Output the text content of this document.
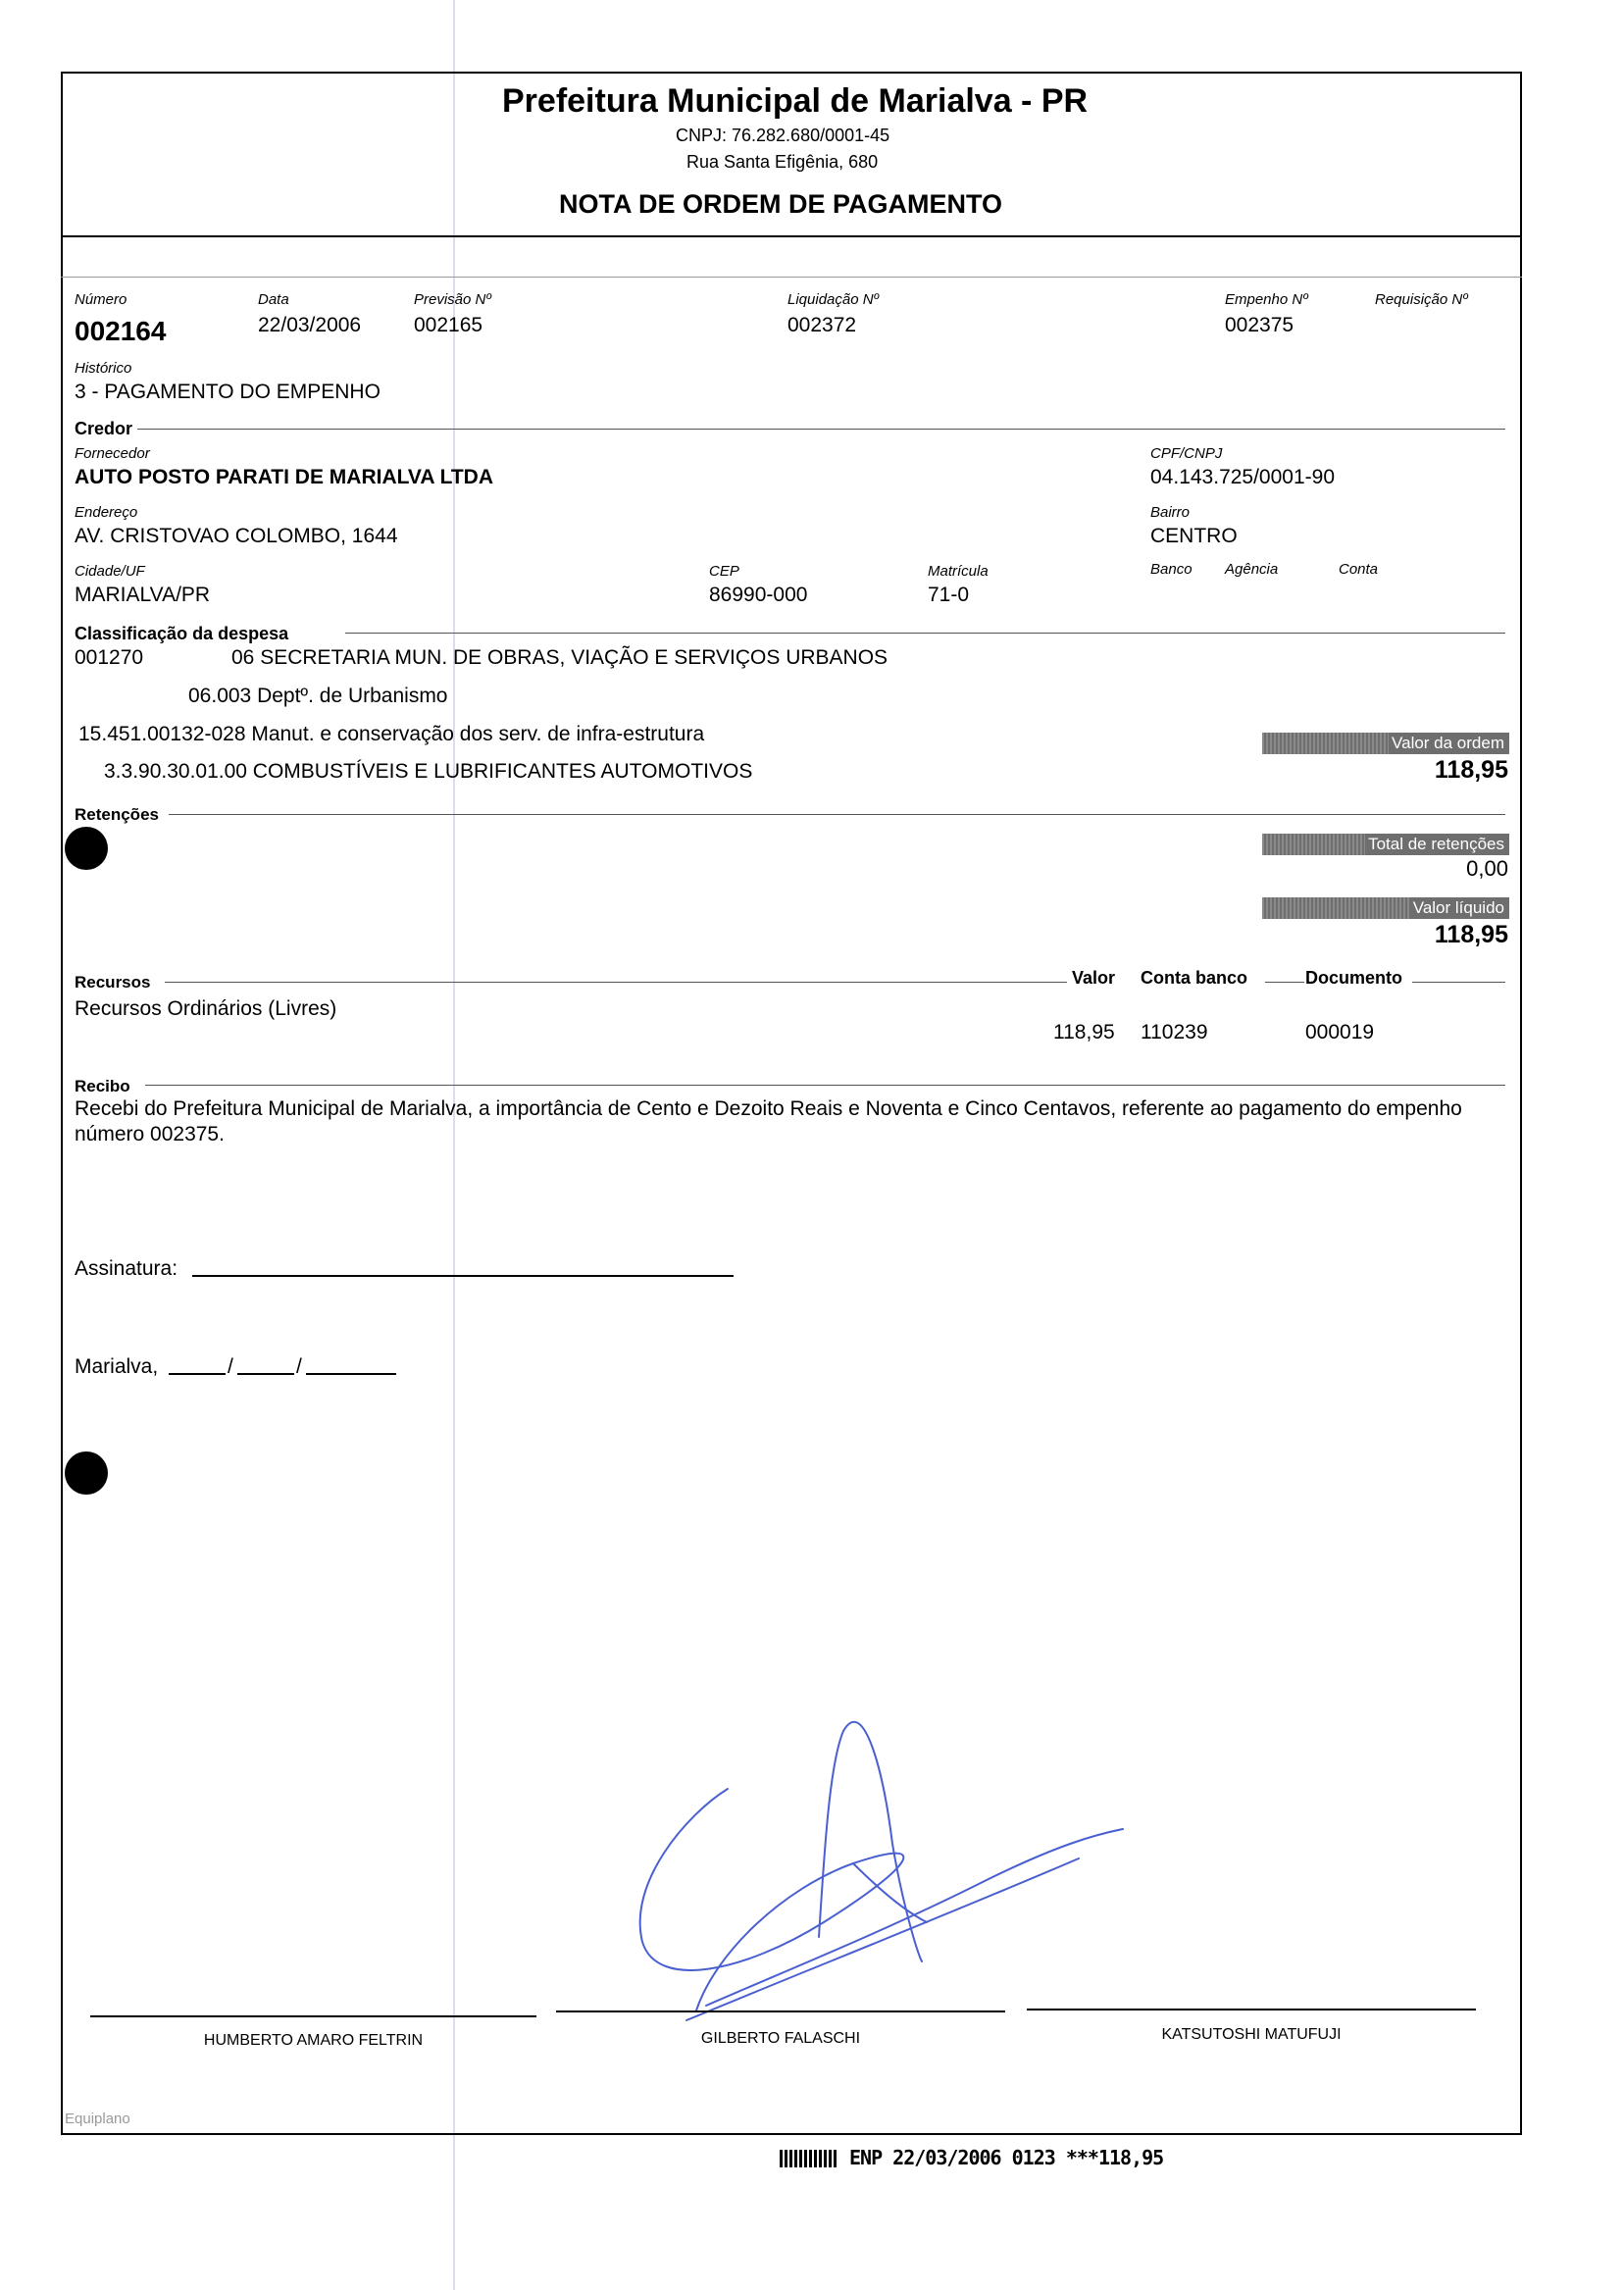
Prefeitura Municipal de Marialva - PR
CNPJ: 76.282.680/0001-45
Rua Santa Efigênia, 680
NOTA DE ORDEM DE PAGAMENTO
Número
002164
Data
22/03/2006
Previsão Nº
002165
Liquidação Nº
002372
Empenho Nº
002375
Requisição Nº
Histórico
3 - PAGAMENTO DO EMPENHO
Credor
Fornecedor
AUTO POSTO PARATI DE MARIALVA LTDA
CPF/CNPJ
04.143.725/0001-90
Endereço
AV. CRISTOVAO COLOMBO, 1644
Bairro
CENTRO
Cidade/UF
MARIALVA/PR
CEP
86990-000
Matrícula
71-0
Banco Agência	Conta
Classificação da despesa
001270	06 SECRETARIA MUN. DE OBRAS, VIAÇÃO E SERVIÇOS URBANOS
06.003 Deptº. de Urbanismo
15.451.00132-028 Manut. e conservação dos serv. de infra-estrutura
3.3.90.30.01.00 COMBUSTÍVEIS E LUBRIFICANTES AUTOMOTIVOS
Valor da ordem
118,95
Retenções
Total de retenções
0,00
Valor líquido
118,95
Recursos	Valor Conta banco	Documento
Recursos Ordinários (Livres)
118,95 110239	000019
Recibo
Recebi do Prefeitura Municipal de Marialva, a importância de Cento e Dezoito Reais e Noventa e Cinco Centavos, referente ao pagamento do empenho número 002375.
Assinatura:
Marialva,	/	/
HUMBERTO AMARO FELTRIN	GILBERTO FALASCHI	KATSUTOSHI MATUFUJI
Equiplano
ENP 22/03/2006 0123 ***118,95
